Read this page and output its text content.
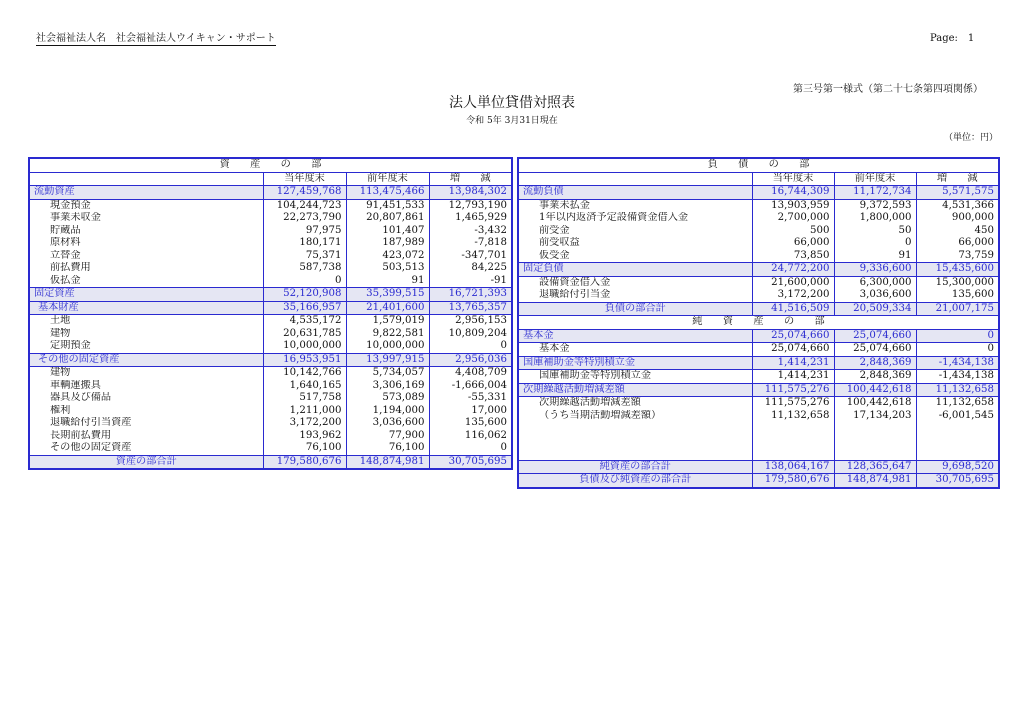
社会福祉法人名　社会福祉法人ウイキャン・サポート	Page:　1
第三号第一様式（第二十七条第四項関係）
法人単位貸借対照表
令和 5年 3月31日現在
（単位：円）
資　　産　　の　　部			
	当年度末	前年度末	増　　減
流動資産	127,459,768	113,475,466	13,984,302
現金預金	104,244,723	91,451,533	12,793,190
事業未収金	22,273,790	20,807,861	1,465,929
貯蔵品	97,975	101,407	-3,432
原材料	180,171	187,989	-7,818
立替金	75,371	423,072	-347,701
前払費用	587,738	503,513	84,225
仮払金	0	91	-91
固定資産	52,120,908	35,399,515	16,721,393
基本財産	35,166,957	21,401,600	13,765,357
土地	4,535,172	1,579,019	2,956,153
建物	20,631,785	9,822,581	10,809,204
定期預金	10,000,000	10,000,000	0
その他の固定資産	16,953,951	13,997,915	2,956,036
建物	10,142,766	5,734,057	4,408,709
車輌運搬具	1,640,165	3,306,169	-1,666,004
器具及び備品	517,758	573,089	-55,331
権利	1,211,000	1,194,000	17,000
退職給付引当資産	3,172,200	3,036,600	135,600
長期前払費用	193,962	77,900	116,062
その他の固定資産	76,100	76,100	0
資産の部合計	179,580,676	148,874,981	30,705,695
負　　債　　の　　部			
	当年度末	前年度末	増　　減
流動負債	16,744,309	11,172,734	5,571,575
事業未払金	13,903,959	9,372,593	4,531,366
1年以内返済予定設備資金借入金	2,700,000	1,800,000	900,000
前受金	500	50	450
前受収益	66,000	0	66,000
仮受金	73,850	91	73,759
固定負債	24,772,200	9,336,600	15,435,600
設備資金借入金	21,600,000	6,300,000	15,300,000
退職給付引当金	3,172,200	3,036,600	135,600
負債の部合計	41,516,509	20,509,334	21,007,175
純　　資　　産　　の　　部			
基本金	25,074,660	25,074,660	0
基本金	25,074,660	25,074,660	0
国庫補助金等特別積立金	1,414,231	2,848,369	-1,434,138
国庫補助金等特別積立金	1,414,231	2,848,369	-1,434,138
次期繰越活動増減差額	111,575,276	100,442,618	11,132,658
次期繰越活動増減差額	111,575,276	100,442,618	11,132,658
（うち当期活動増減差額）	11,132,658	17,134,203	-6,001,545

純資産の部合計	138,064,167	128,365,647	9,698,520
負債及び純資産の部合計	179,580,676	148,874,981	30,705,695
